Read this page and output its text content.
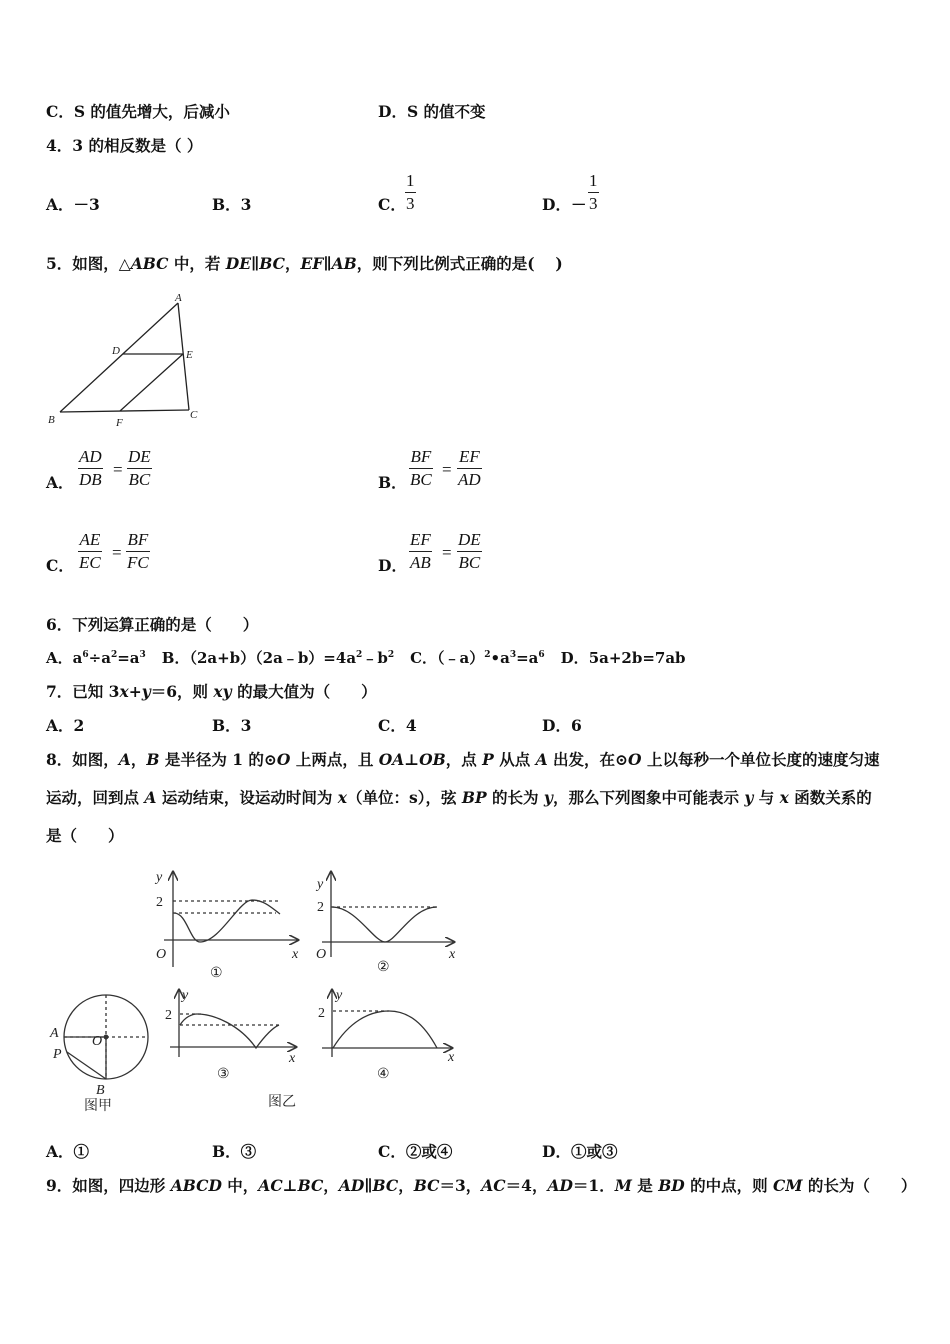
C．S 的值先增大，后减小	D．S 的值不变
4．3 的相反数是（ ）
A．－3	B．3	C．
1
3	D．－
1
3
5．如图，△ABC 中，若 DE∥BC，EF∥AB，则下列比例式正确的是(　 )
A
D	E
B	F
C
A．
AD
DB
=
DE
BC	B．
BF
BC
=
EF
AD
C．
AE
EC
=
BF
FC	D．
EF
AB
=
DE
BC
6．下列运算正确的是（　　）
A．$a^6\div a^2=a^3$ B．$(2a+b)(2a﹣b)=4a^2﹣b^2$ C．$(﹣a)^2•a^3=a^6$ D．5a+2b=7ab
7．已知 3x+y＝6，则 xy 的最大值为（　　）
A．2	B．3	C．4	D．6
8．如图，A，B 是半径为 1 的⊙O 上两点，且 OA⊥OB，点 P 从点 A 出发，在⊙O 上以每秒一个单位长度的速度匀速
运动，回到点 A 运动结束，设运动时间为 x（单位：s），弦 BP 的长为 y，那么下列图象中可能表示 y 与 x 函数关系的
是（　　）
y
2
O	x
①
y
2
O	x
②
y
2
x
③
y
2
x
④
A
P
O
B
图甲	图乙
A．①	B．③	C．②或④	D．①或③
9．如图，四边形 ABCD 中，AC⊥BC，AD∥BC，BC＝3，AC＝4，AD＝1．M 是 BD 的中点，则 CM 的长为（　　）
